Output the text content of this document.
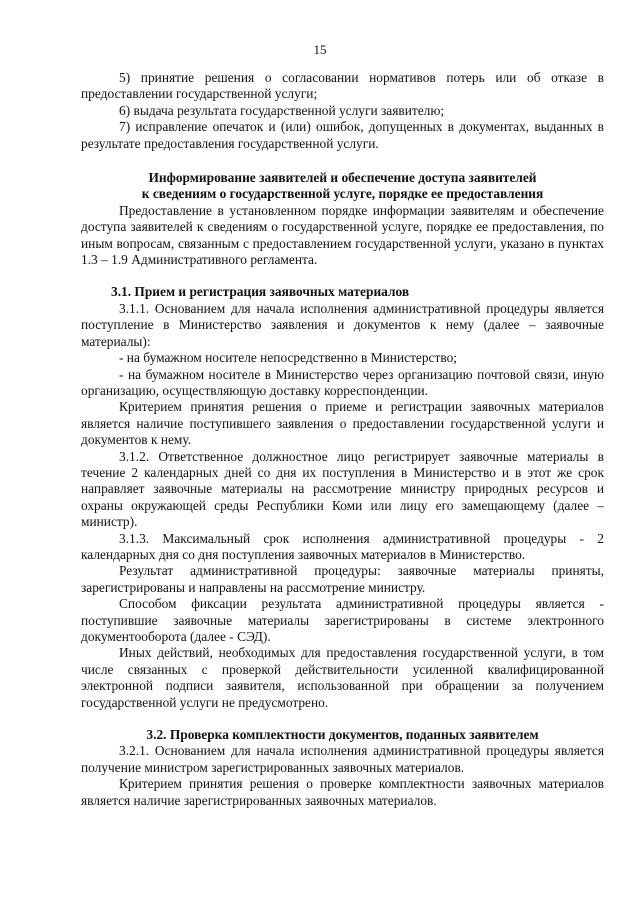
15

5) принятие решения о согласовании нормативов потерь или об отказе в предоставлении государственной услуги;

6) выдача результата государственной услуги заявителю;

7) исправление опечаток и (или) ошибок, допущенных в документах, выданных в результате предоставления государственной услуги.

Информирование заявителей и обеспечение доступа заявителей

к сведениям о государственной услуге, порядке ее предоставления

Предоставление в установленном порядке информации заявителям и обеспечение доступа заявителей к сведениям о государственной услуге, порядке ее предоставления, по иным вопросам, связанным с предоставлением государственной услуги, указано в пунктах 1.3 – 1.9 Административного регламента.

3.1. Прием и регистрация заявочных материалов

3.1.1. Основанием для начала исполнения административной процедуры является поступление в Министерство заявления и документов к нему (далее – заявочные материалы):

- на бумажном носителе непосредственно в Министерство;

- на бумажном носителе в Министерство через организацию почтовой связи, иную организацию, осуществляющую доставку корреспонденции.

Критерием принятия решения о приеме и регистрации заявочных материалов является наличие поступившего заявления о предоставлении государственной услуги и документов к нему.

3.1.2. Ответственное должностное лицо регистрирует заявочные материалы в течение 2 календарных дней со дня их поступления в Министерство и в этот же срок направляет заявочные материалы на рассмотрение министру природных ресурсов и охраны окружающей среды Республики Коми или лицу его замещающему (далее – министр).

3.1.3. Максимальный срок исполнения административной процедуры - 2 календарных дня со дня поступления заявочных материалов в Министерство.

Результат административной процедуры: заявочные материалы приняты, зарегистрированы и направлены на рассмотрение министру.

Способом фиксации результата административной процедуры является - поступившие заявочные материалы зарегистрированы в системе электронного документооборота (далее - СЭД).

Иных действий, необходимых для предоставления государственной услуги, в том числе связанных с проверкой действительности усиленной квалифицированной электронной подписи заявителя, использованной при обращении за получением государственной услуги не предусмотрено.

3.2. Проверка комплектности документов, поданных заявителем

3.2.1. Основанием для начала исполнения административной процедуры является получение министром зарегистрированных заявочных материалов.

Критерием принятия решения о проверке комплектности заявочных материалов является наличие зарегистрированных заявочных материалов.
